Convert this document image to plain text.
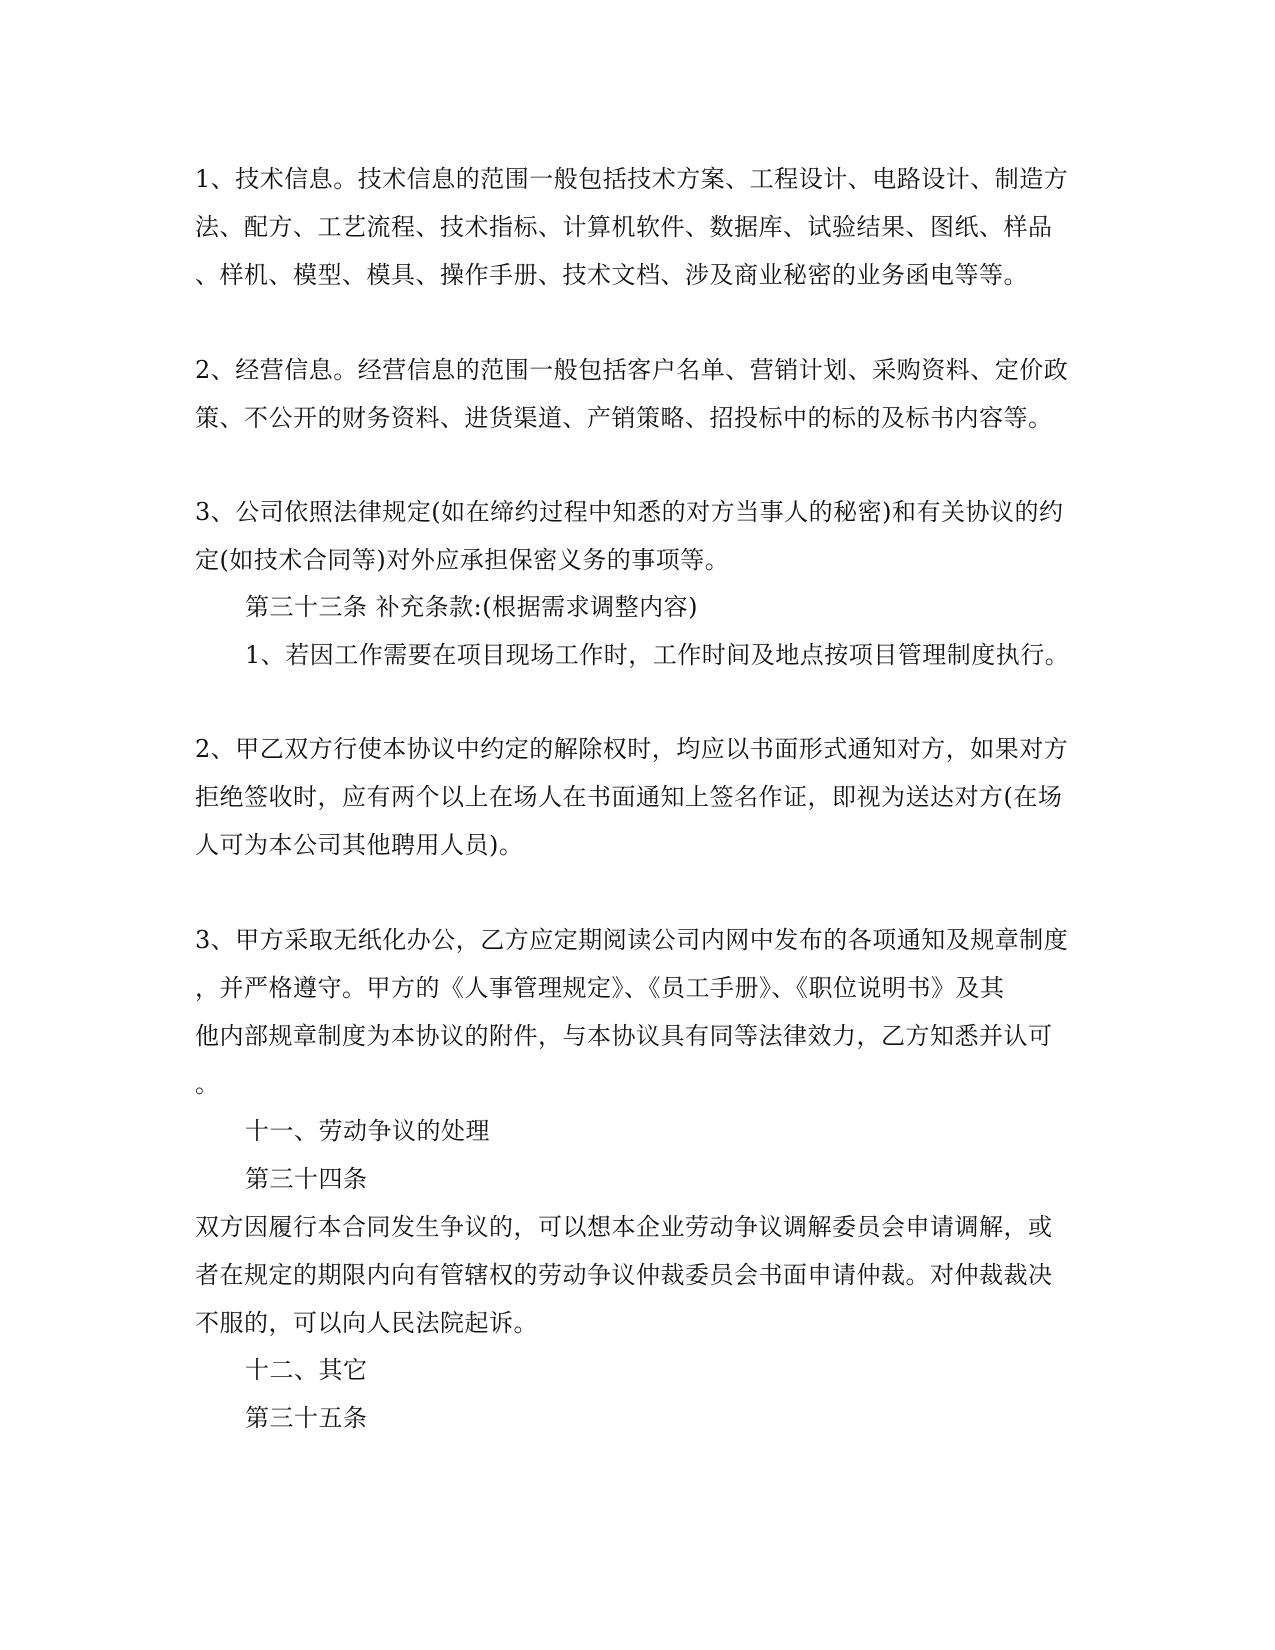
1、技术信息。技术信息的范围一般包括技术方案、工程设计、电路设计、制造方
法、配方、工艺流程、技术指标、计算机软件、数据库、试验结果、图纸、样品
、样机、模型、模具、操作手册、技术文档、涉及商业秘密的业务函电等等。
2、经营信息。经营信息的范围一般包括客户名单、营销计划、采购资料、定价政
策、不公开的财务资料、进货渠道、产销策略、招投标中的标的及标书内容等。
3、公司依照法律规定(如在缔约过程中知悉的对方当事人的秘密)和有关协议的约
定(如技术合同等)对外应承担保密义务的事项等。
第三十三条 补充条款:(根据需求调整内容)
1、若因工作需要在项目现场工作时，工作时间及地点按项目管理制度执行。
2、甲乙双方行使本协议中约定的解除权时，均应以书面形式通知对方，如果对方
拒绝签收时，应有两个以上在场人在书面通知上签名作证，即视为送达对方(在场
人可为本公司其他聘用人员)。
3、甲方采取无纸化办公，乙方应定期阅读公司内网中发布的各项通知及规章制度
，并严格遵守。甲方的《人事管理规定》、《员工手册》、《职位说明书》及其
他内部规章制度为本协议的附件，与本协议具有同等法律效力，乙方知悉并认可
。
十一、劳动争议的处理
第三十四条
双方因履行本合同发生争议的，可以想本企业劳动争议调解委员会申请调解，或
者在规定的期限内向有管辖权的劳动争议仲裁委员会书面申请仲裁。对仲裁裁决
不服的，可以向人民法院起诉。
十二、其它
第三十五条
